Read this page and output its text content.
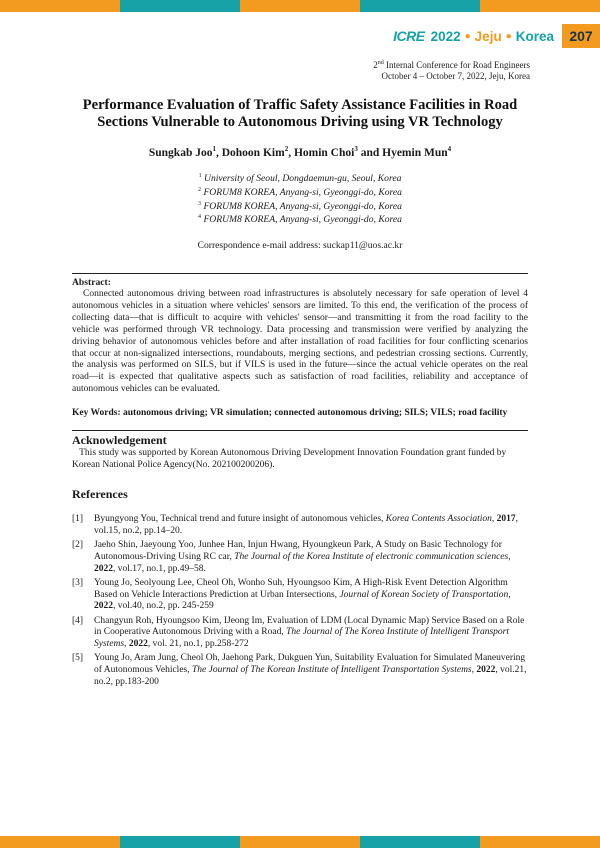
ICRE 2022 ● Jeju ● Korea	207
2nd Internal Conference for Road Engineers
October 4 – October 7, 2022, Jeju, Korea
Performance Evaluation of Traffic Safety Assistance Facilities in Road
Sections Vulnerable to Autonomous Driving using VR Technology
Sungkab Joo$^1$, Dohoon Kim$^2$, Homin Choi$^3$ and Hyemin Mun$^4$
$^1$ University of Seoul, Dongdaemun-gu, Seoul, Korea
$^2$ FORUM8 KOREA, Anyang-si, Gyeonggi-do, Korea
$^3$ FORUM8 KOREA, Anyang-si, Gyeonggi-do, Korea
$^4$ FORUM8 KOREA, Anyang-si, Gyeonggi-do, Korea
Correspondence e-mail address: suckap11@uos.ac.kr
Abstract:
Connected autonomous driving between road infrastructures is absolutely necessary for safe operation of level 4 autonomous vehicles in a situation where vehicles' sensors are limited. To this end, the verification of the process of collecting data—that is difficult to acquire with vehicles' sensor—and transmitting it from the road facility to the vehicle was performed through VR technology. Data processing and transmission were verified by analyzing the driving behavior of autonomous vehicles before and after installation of road facilities for four conflicting scenarios that occur at non-signalized intersections, roundabouts, merging sections, and pedestrian crossing sections. Currently, the analysis was performed on SILS, but if VILS is used in the future—since the actual vehicle operates on the real road—it is expected that qualitative aspects such as satisfaction of road facilities, reliability and acceptance of autonomous vehicles can be evaluated.
Key Words: autonomous driving; VR simulation; connected autonomous driving; SILS; VILS; road facility
Acknowledgement
This study was supported by Korean Autonomous Driving Development Innovation Foundation grant funded by Korean National Police Agency(No. 202100200206).
References
[1]	Byungyong You, Technical trend and future insight of autonomous vehicles, Korea Contents Association, 2017, vol.15, no.2, pp.14–20.
[2]	Jaeho Shin, Jaeyoung Yoo, Junhee Han, Injun Hwang, Hyoungkeun Park, A Study on Basic Technology for Autonomous-Driving Using RC car, The Journal of the Korea Institute of electronic communication sciences, 2022, vol.17, no.1, pp.49–58.
[3]	Young Jo, Seolyoung Lee, Cheol Oh, Wonho Suh, Hyoungsoo Kim, A High-Risk Event Detection Algorithm Based on Vehicle Interactions Prediction at Urban Intersections, Journal of Korean Society of Transportation, 2022, vol.40, no.2, pp. 245-259
[4]	Changyun Roh, Hyoungsoo Kim, IJeong Im, Evaluation of LDM (Local Dynamic Map) Service Based on a Role in Cooperative Autonomous Driving with a Road, The Journal of The Korea Institute of Intelligent Transport Systems, 2022, vol. 21, no.1, pp.258-272
[5]	Young Jo, Aram Jung, Cheol Oh, Jaehong Park, Dukguen Yun, Suitability Evaluation for Simulated Maneuvering of Autonomous Vehicles, The Journal of The Korean Institute of Intelligent Transportation Systems, 2022, vol.21, no.2, pp.183-200
